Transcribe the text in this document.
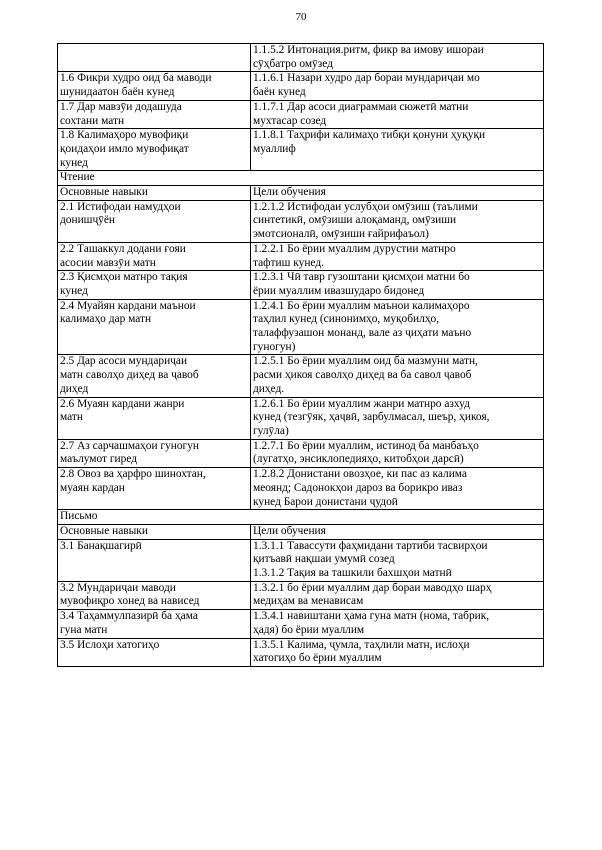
70

	1.1.5.2 Интонация.ритм, фикр ва имову ишораи
сӯҳбатро омӯзед

1.6 Фикри худро оид ба маводи
шунидаатон баён кунед	1.1.6.1 Назари худро дар бораи мундариҷаи мо
баён кунед

1.7 Дар мавзӯи додашуда
сохтани матн	1.1.7.1 Дар асоси диаграммаи сюжетӣ матни
мухтасар созед

1.8 Калимаҳоро мувофиқи
қоидаҳои имло мувофиқат
кунед	1.1.8.1 Таҳрифи калимаҳо тибқи қонуни ҳуқуқи
муаллиф

Чтение	
Основные навыки	Цели обучения

2.1 Истифодаи намудҳои
донишҷӯён	1.2.1.2 Истифодаи услубҳои омӯзиш (таълими
синтетикӣ, омӯзиши алоқаманд, омӯзиши
эмотсионалӣ, омӯзиши ғайрифаъол)

2.2 Ташаккул додани ғояи
асосии мавзӯи матн	1.2.2.1 Бо ёрии муаллим дурустии матнро
тафтиш кунед.

2.3 Қисмҳои матнро тақия
кунед	1.2.3.1 Чӣ тавр гузоштани қисмҳои матни бо
ёрии муаллим ивазшударо бидонед

2.4 Муайян кардани маънои
калимаҳо дар матн	1.2.4.1 Бо ёрии муаллим маънои калимаҳоро
таҳлил кунед (синонимҳо, муқобилҳо,
талаффузашон монанд, вале аз ҷиҳати маъно
гуногун)

2.5 Дар асоси мундариҷаи
матн саволҳо диҳед ва ҷавоб
диҳед	1.2.5.1 Бо ёрии муаллим оид ба мазмуни матн,
расми ҳикоя саволҳо диҳед ва ба савол ҷавоб
диҳед.

2.6 Муаян кардани жанри
матн	1.2.6.1 Бо ёрии муаллим жанри матнро азхуд
кунед (тезгӯяк, ҳаҷвӣ, зарбулмасал, шеър, ҳикоя,
гулӯла)

2.7 Аз сарчашмаҳои гуногун
маълумот гиред	1.2.7.1 Бо ёрии муаллим, истинод ба манбаъҳо
(лугатҳо, энсиклопедияҳо, китобҳои дарсӣ)

2.8 Овоз ва ҳарфро шинохтан,
муаян кардан	1.2.8.2 Донистани овозҳое, ки пас аз калима
меоянд; Садонокҳои дароз ва борикро иваз
кунед Барои донистани ҷудоӣ

Письмо	
Основные навыки	Цели обучения

3.1 Банақшагирӣ	1.3.1.1 Тавассути фаҳмидани тартиби тасвирҳои
қитъавӣ нақшаи умумӣ созед
1.3.1.2 Тақия ва ташкили бахшҳои матнӣ

3.2 Мундариҷаи маводи
мувофиқро хонед ва нависед	1.3.2.1 бо ёрии муаллим дар бораи маводҳо шарҳ
медиҳам ва менависам

3.4 Таҳаммулпазирӣ ба ҳама
гуна матн	1.3.4.1 навиштани ҳама гуна матн (нома, табрик,
ҳадя) бо ёрии муаллим

3.5 Ислоҳи хатогиҳо	1.3.5.1 Калима, ҷумла, таҳлили матн, ислоҳи
хатогиҳо бо ёрии муаллим
